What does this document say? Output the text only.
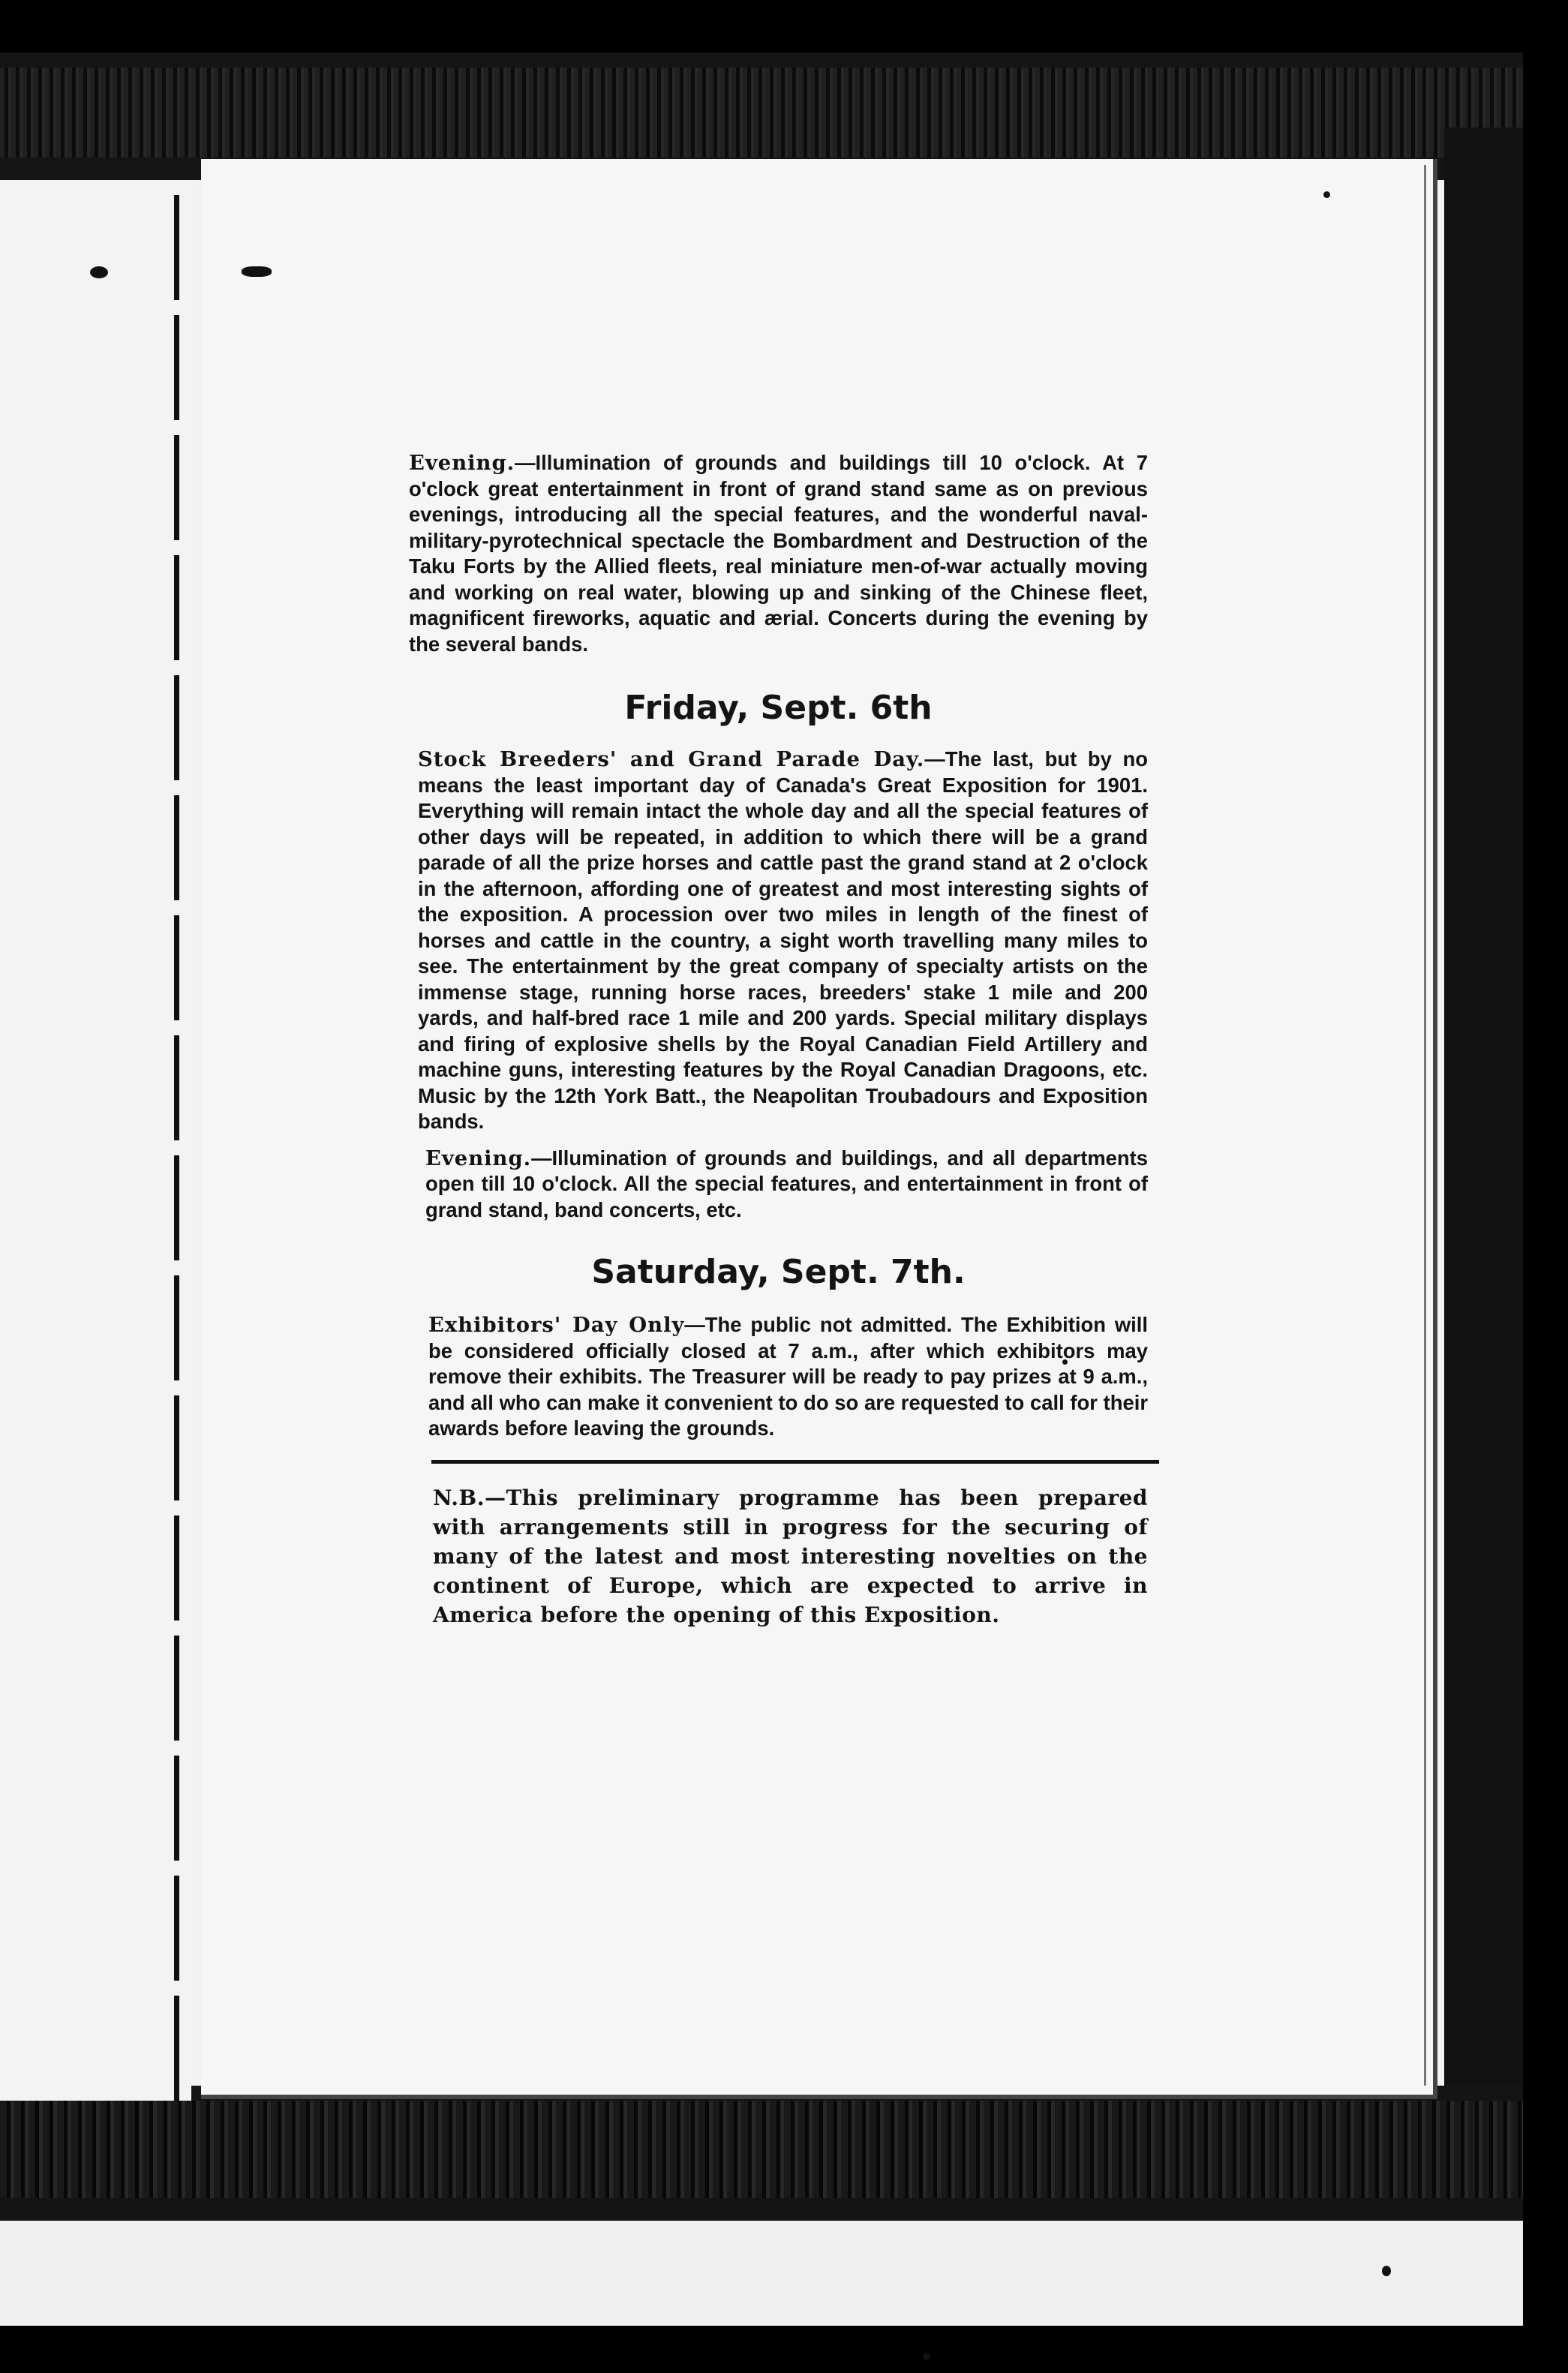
Evening.—Illumination of grounds and buildings till 10 o'clock. At 7 o'clock great entertainment in front of grand stand same as on previous evenings, introducing all the special features, and the wonderful naval-military-pyrotechnical spectacle the Bombardment and Destruction of the Taku Forts by the Allied fleets, real miniature men-of-war actually moving and working on real water, blowing up and sinking of the Chinese fleet, magnificent fireworks, aquatic and ærial. Concerts during the evening by the several bands.

Friday, Sept. 6th

Stock Breeders' and Grand Parade Day.—The last, but by no means the least important day of Canada's Great Exposition for 1901. Everything will remain intact the whole day and all the special features of other days will be repeated, in addition to which there will be a grand parade of all the prize horses and cattle past the grand stand at 2 o'clock in the afternoon, affording one of greatest and most interesting sights of the exposition. A procession over two miles in length of the finest of horses and cattle in the country, a sight worth travelling many miles to see. The entertainment by the great company of specialty artists on the immense stage, running horse races, breeders' stake 1 mile and 200 yards, and half-bred race 1 mile and 200 yards. Special military displays and firing of explosive shells by the Royal Canadian Field Artillery and machine guns, interesting features by the Royal Canadian Dragoons, etc. Music by the 12th York Batt., the Neapolitan Troubadours and Exposition bands.

Evening.—Illumination of grounds and buildings, and all departments open till 10 o'clock. All the special features, and entertainment in front of grand stand, band concerts, etc.

Saturday, Sept. 7th.

Exhibitors' Day Only—The public not admitted. The Exhibition will be considered officially closed at 7 a.m., after which exhibitors may remove their exhibits. The Treasurer will be ready to pay prizes at 9 a.m., and all who can make it convenient to do so are requested to call for their awards before leaving the grounds.

N.B.—This preliminary programme has been prepared with arrangements still in progress for the securing of many of the latest and most interesting novelties on the continent of Europe, which are expected to arrive in America before the opening of this Exposition.
